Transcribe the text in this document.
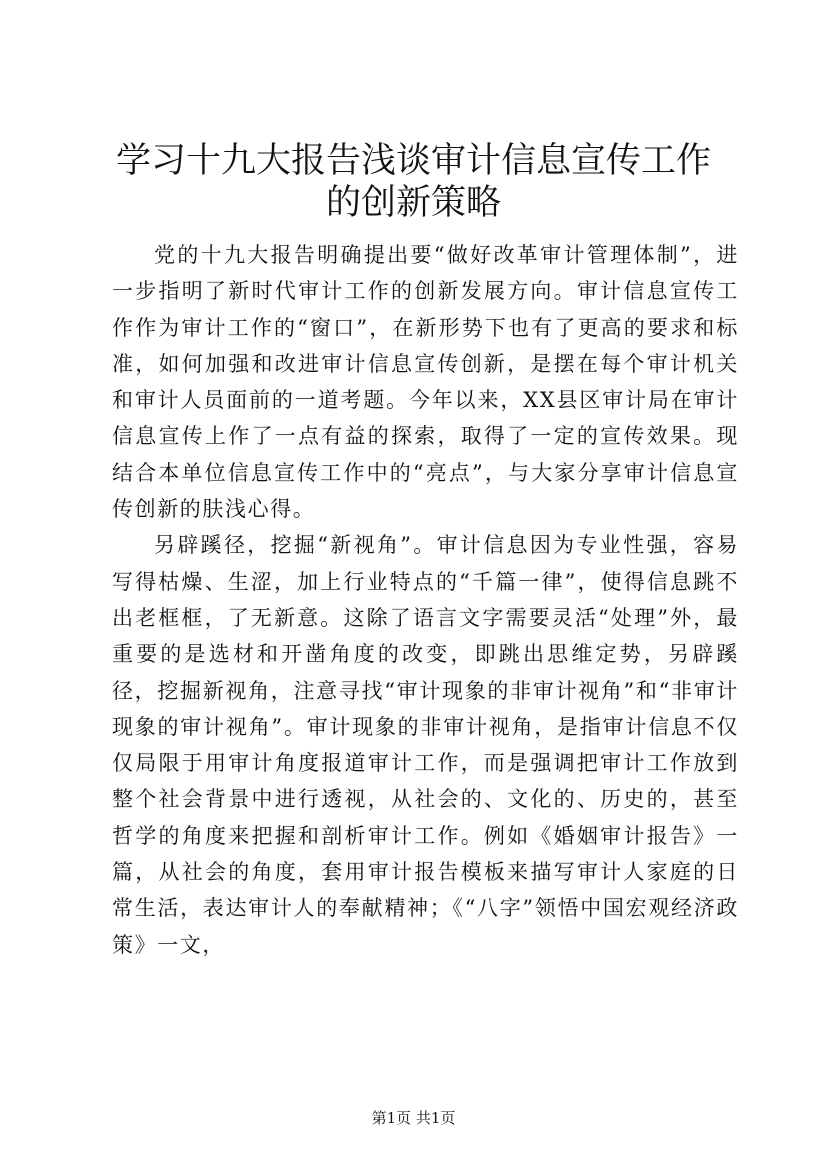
学习十九大报告浅谈审计信息宣传工作的创新策略

党的十九大报告明确提出要“做好改革审计管理体制”，进一步指明了新时代审计工作的创新发展方向。审计信息宣传工作作为审计工作的“窗口”，在新形势下也有了更高的要求和标准，如何加强和改进审计信息宣传创新，是摆在每个审计机关和审计人员面前的一道考题。今年以来，XX县区审计局在审计信息宣传上作了一点有益的探索，取得了一定的宣传效果。现结合本单位信息宣传工作中的“亮点”，与大家分享审计信息宣传创新的肤浅心得。

另辟蹊径，挖掘“新视角”。审计信息因为专业性强，容易写得枯燥、生涩，加上行业特点的“千篇一律”，使得信息跳不出老框框，了无新意。这除了语言文字需要灵活“处理”外，最重要的是选材和开凿角度的改变，即跳出思维定势，另辟蹊径，挖掘新视角，注意寻找“审计现象的非审计视角”和“非审计现象的审计视角”。审计现象的非审计视角，是指审计信息不仅仅局限于用审计角度报道审计工作，而是强调把审计工作放到整个社会背景中进行透视，从社会的、文化的、历史的，甚至哲学的角度来把握和剖析审计工作。例如《婚姻审计报告》一篇，从社会的角度，套用审计报告模板来描写审计人家庭的日常生活，表达审计人的奉献精神；《“八字”领悟中国宏观经济政策》一文，

第1页 共1页
